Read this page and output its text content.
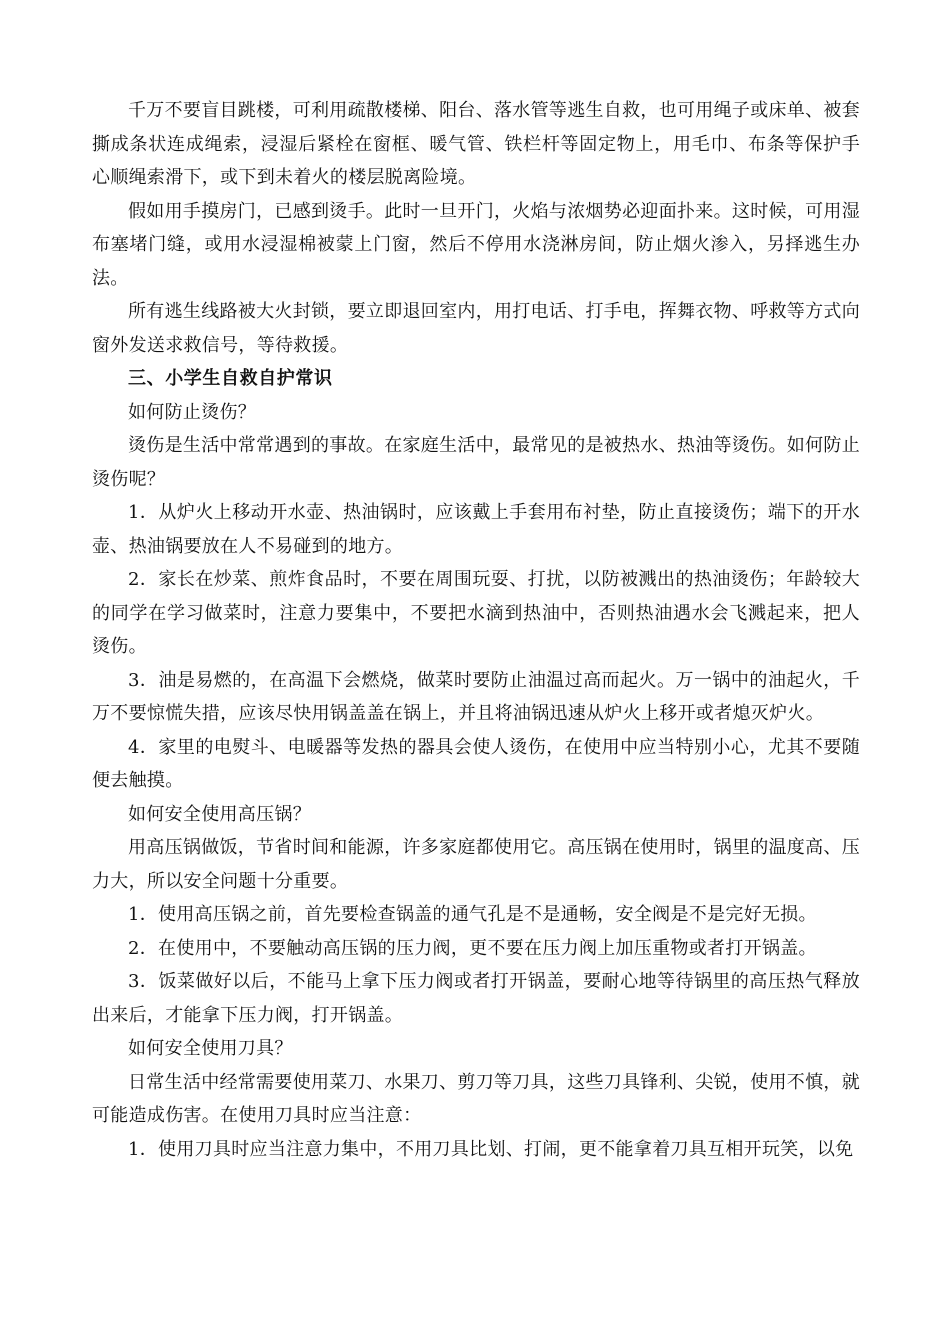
千万不要盲目跳楼，可利用疏散楼梯、阳台、落水管等逃生自救，也可用绳子或床单、被套撕成条状连成绳索，浸湿后紧栓在窗框、暖气管、铁栏杆等固定物上，用毛巾、布条等保护手心顺绳索滑下，或下到未着火的楼层脱离险境。

假如用手摸房门，已感到烫手。此时一旦开门，火焰与浓烟势必迎面扑来。这时候，可用湿布塞堵门缝，或用水浸湿棉被蒙上门窗，然后不停用水浇淋房间，防止烟火渗入，另择逃生办法。

所有逃生线路被大火封锁，要立即退回室内，用打电话、打手电，挥舞衣物、呼救等方式向窗外发送求救信号，等待救援。

三、小学生自救自护常识

如何防止烫伤？

烫伤是生活中常常遇到的事故。在家庭生活中，最常见的是被热水、热油等烫伤。如何防止烫伤呢？

1．从炉火上移动开水壶、热油锅时，应该戴上手套用布衬垫，防止直接烫伤；端下的开水壶、热油锅要放在人不易碰到的地方。

2．家长在炒菜、煎炸食品时，不要在周围玩耍、打扰，以防被溅出的热油烫伤；年龄较大的同学在学习做菜时，注意力要集中，不要把水滴到热油中，否则热油遇水会飞溅起来，把人烫伤。

3．油是易燃的，在高温下会燃烧，做菜时要防止油温过高而起火。万一锅中的油起火，千万不要惊慌失措，应该尽快用锅盖盖在锅上，并且将油锅迅速从炉火上移开或者熄灭炉火。

4．家里的电熨斗、电暖器等发热的器具会使人烫伤，在使用中应当特别小心，尤其不要随便去触摸。

如何安全使用高压锅？

用高压锅做饭，节省时间和能源，许多家庭都使用它。高压锅在使用时，锅里的温度高、压力大，所以安全问题十分重要。

1．使用高压锅之前，首先要检查锅盖的通气孔是不是通畅，安全阀是不是完好无损。

2．在使用中，不要触动高压锅的压力阀，更不要在压力阀上加压重物或者打开锅盖。

3．饭菜做好以后，不能马上拿下压力阀或者打开锅盖，要耐心地等待锅里的高压热气释放出来后，才能拿下压力阀，打开锅盖。

如何安全使用刀具？

日常生活中经常需要使用菜刀、水果刀、剪刀等刀具，这些刀具锋利、尖锐，使用不慎，就可能造成伤害。在使用刀具时应当注意：

1．使用刀具时应当注意力集中，不用刀具比划、打闹，更不能拿着刀具互相开玩笑，以免
